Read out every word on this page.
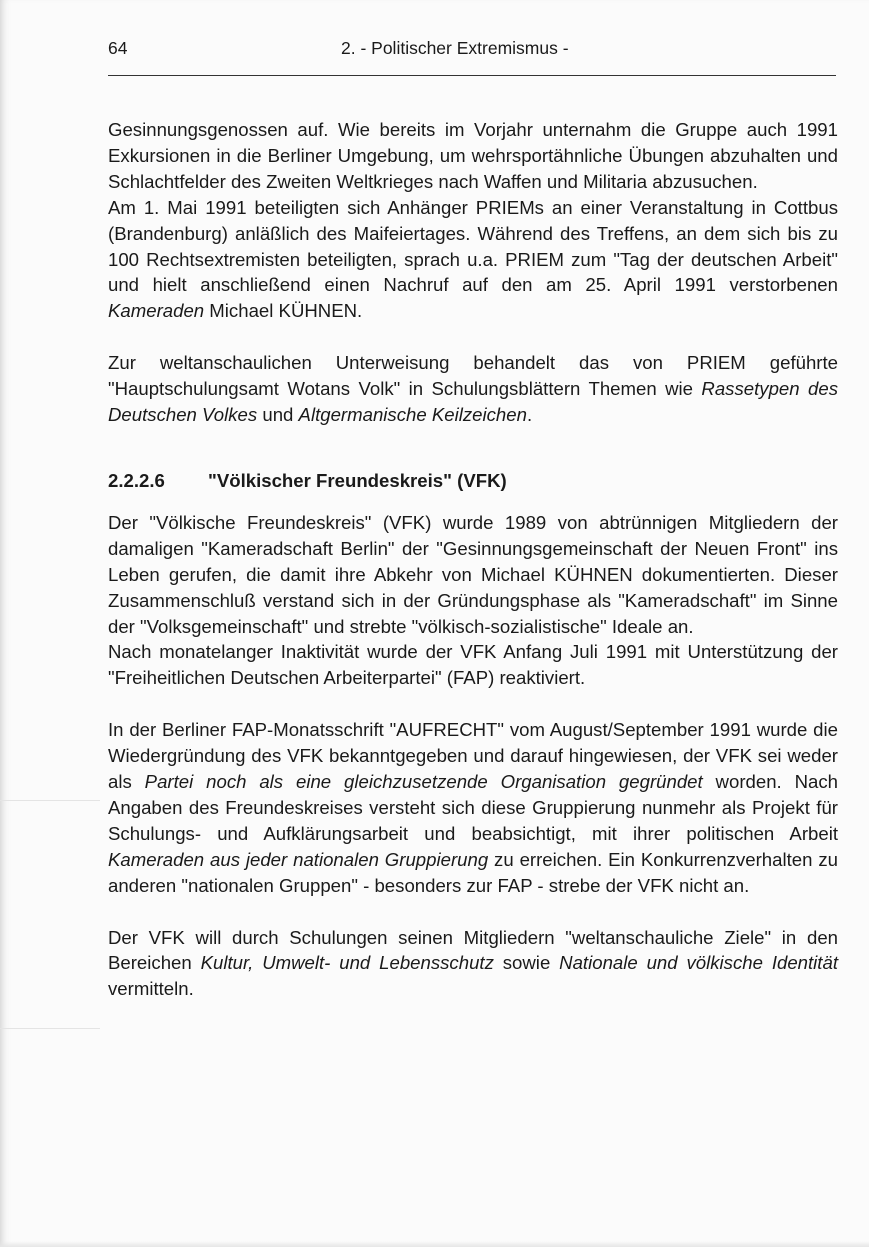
64	2. - Politischer Extremismus -

Gesinnungsgenossen auf. Wie bereits im Vorjahr unternahm die Gruppe auch 1991 Exkursionen in die Berliner Umgebung, um wehrsportähnliche Übungen abzuhalten und Schlachtfelder des Zweiten Weltkrieges nach Waffen und Militaria abzusuchen.

Am 1. Mai 1991 beteiligten sich Anhänger PRIEMs an einer Veranstaltung in Cottbus (Brandenburg) anläßlich des Maifeiertages. Während des Treffens, an dem sich bis zu 100 Rechtsextremisten beteiligten, sprach u.a. PRIEM zum "Tag der deutschen Arbeit" und hielt anschließend einen Nachruf auf den am 25. April 1991 verstorbenen Kameraden Michael KÜHNEN.

Zur weltanschaulichen Unterweisung behandelt das von PRIEM geführte "Hauptschulungsamt Wotans Volk" in Schulungsblättern Themen wie Rassetypen des Deutschen Volkes und Altgermanische Keilzeichen.

2.2.2.6 "Völkischer Freundeskreis" (VFK)

Der "Völkische Freundeskreis" (VFK) wurde 1989 von abtrünnigen Mitgliedern der damaligen "Kameradschaft Berlin" der "Gesinnungsgemeinschaft der Neuen Front" ins Leben gerufen, die damit ihre Abkehr von Michael KÜHNEN dokumentierten. Dieser Zusammenschluß verstand sich in der Gründungsphase als "Kameradschaft" im Sinne der "Volksgemeinschaft" und strebte "völkisch-sozialistische" Ideale an.

Nach monatelanger Inaktivität wurde der VFK Anfang Juli 1991 mit Unterstützung der "Freiheitlichen Deutschen Arbeiterpartei" (FAP) reaktiviert.

In der Berliner FAP-Monatsschrift "AUFRECHT" vom August/September 1991 wurde die Wiedergründung des VFK bekanntgegeben und darauf hingewiesen, der VFK sei weder als Partei noch als eine gleichzusetzende Organisation gegründet worden. Nach Angaben des Freundeskreises versteht sich diese Gruppierung nunmehr als Projekt für Schulungs- und Aufklärungsarbeit und beabsichtigt, mit ihrer politischen Arbeit Kameraden aus jeder nationalen Gruppierung zu erreichen. Ein Konkurrenzverhalten zu anderen "nationalen Gruppen" - besonders zur FAP - strebe der VFK nicht an.

Der VFK will durch Schulungen seinen Mitgliedern "weltanschauliche Ziele" in den Bereichen Kultur, Umwelt- und Lebensschutz sowie Nationale und völkische Identität vermitteln.
